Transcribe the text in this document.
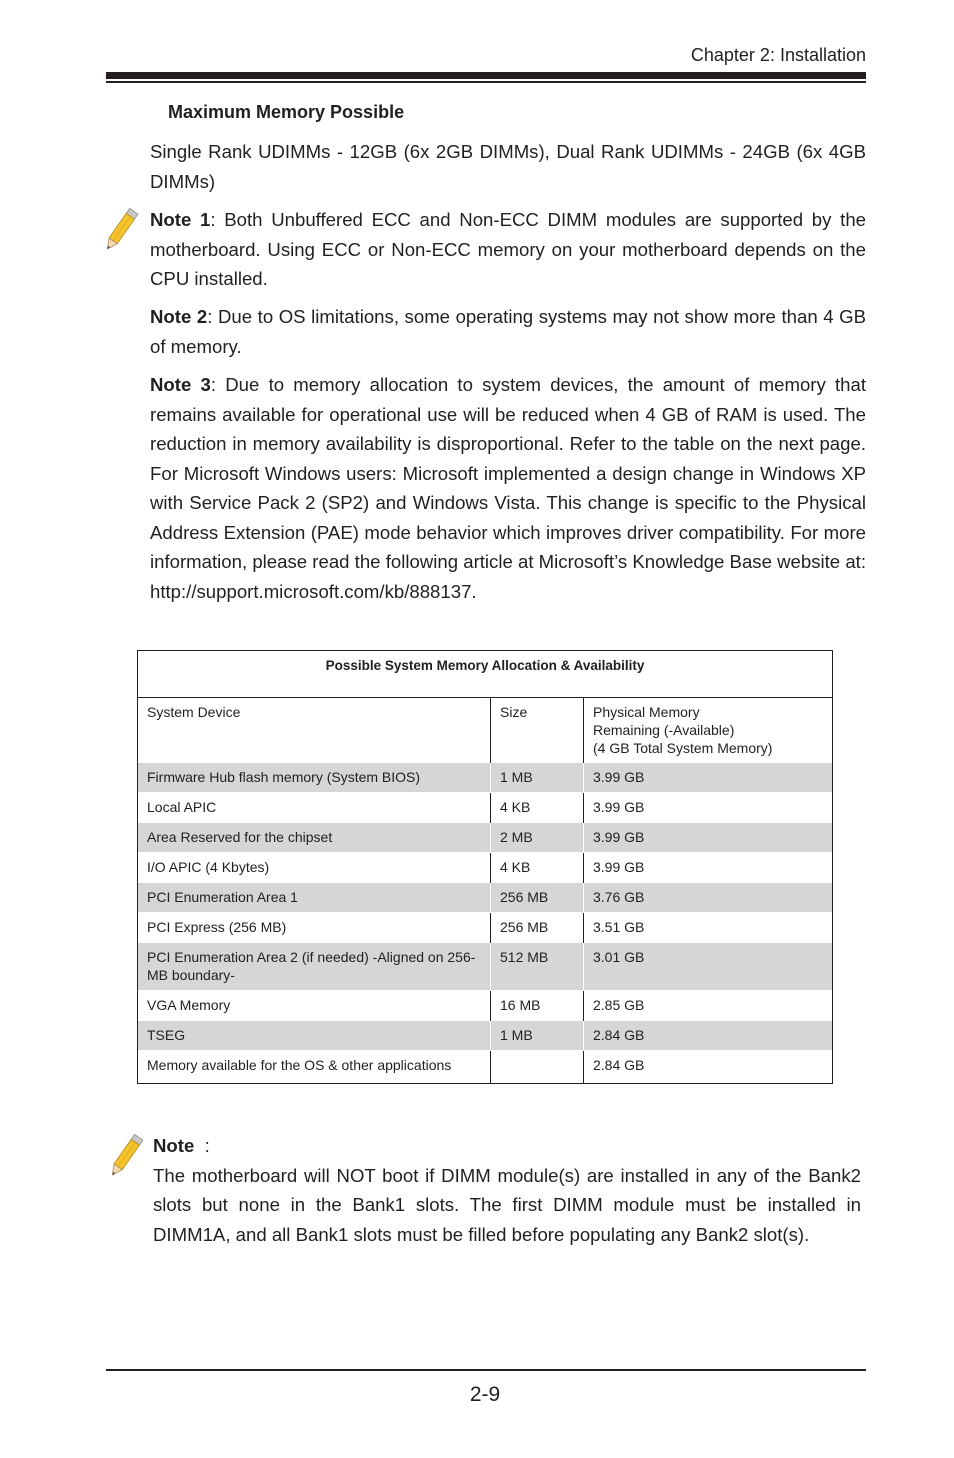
Chapter 2: Installation
Maximum Memory Possible

Single Rank UDIMMs - 12GB (6x 2GB DIMMs), Dual Rank UDIMMs - 24GB (6x 4GB DIMMs)

Note 1: Both Unbuffered ECC and Non-ECC DIMM modules are supported by the motherboard. Using ECC or Non-ECC memory on your motherboard depends on the CPU installed.

Note 2: Due to OS limitations, some operating systems may not show more than 4 GB of memory.

Note 3: Due to memory allocation to system devices, the amount of memory that remains available for operational use will be reduced when 4 GB of RAM is used. The reduction in memory availability is disproportional. Refer to the table on the next page. For Microsoft Windows users: Microsoft implemented a design change in Windows XP with Service Pack 2 (SP2) and Windows Vista. This change is specific to the Physical Address Extension (PAE) mode behavior which improves driver compatibility. For more information, please read the following article at Microsoft’s Knowledge Base website at: http://support.microsoft.com/kb/888137.

Possible System Memory Allocation & Availability		
System Device	Size	Physical Memory
Remaining (-Available)
(4 GB Total System Memory)

Firmware Hub flash memory (System BIOS)	1 MB	3.99 GB
Local APIC	4 KB	3.99 GB
Area Reserved for the chipset	2 MB	3.99 GB
I/O APIC (4 Kbytes)	4 KB	3.99 GB
PCI Enumeration Area 1	256 MB	3.76 GB
PCI Express (256 MB)	256 MB	3.51 GB
PCI Enumeration Area 2 (if needed) -Aligned on 256-MB boundary-	512 MB	3.01 GB
VGA Memory	16 MB	2.85 GB
TSEG	1 MB	2.84 GB
Memory available for the OS & other applications		2.84 GB
Note :

The motherboard will NOT boot if DIMM module(s) are installed in any of the Bank2 slots but none in the Bank1 slots. The first DIMM module must be installed in DIMM1A, and all Bank1 slots must be filled before populating any Bank2 slot(s).

2-9
